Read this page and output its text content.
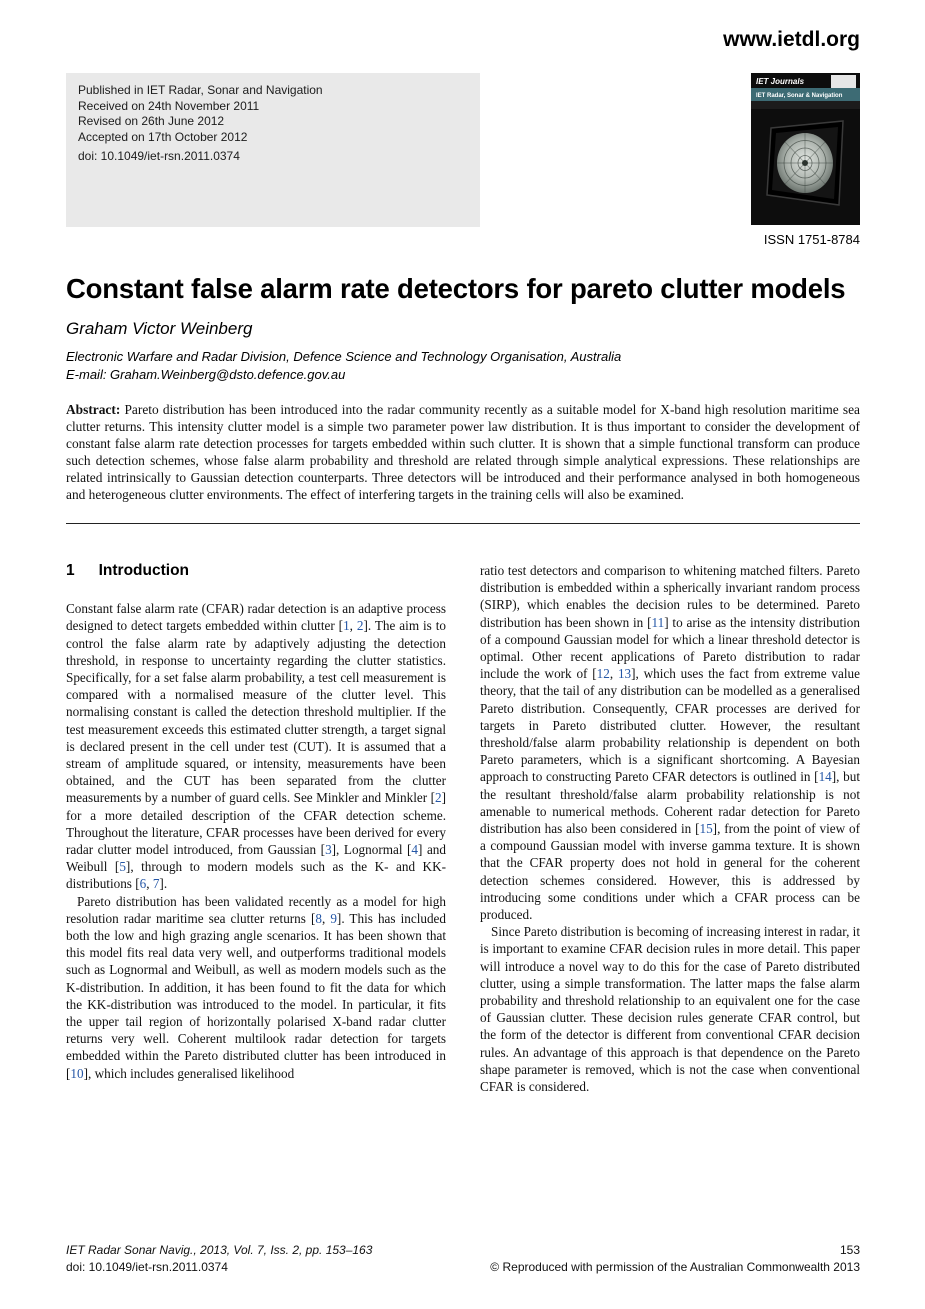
www.ietdl.org
Published in IET Radar, Sonar and Navigation
Received on 24th November 2011
Revised on 26th June 2012
Accepted on 17th October 2012
doi: 10.1049/iet-rsn.2011.0374
IET Journals
IET Radar, Sonar & Navigation
ISSN 1751-8784
Constant false alarm rate detectors for pareto clutter models
Graham Victor Weinberg
Electronic Warfare and Radar Division, Defence Science and Technology Organisation, Australia
E-mail: Graham.Weinberg@dsto.defence.gov.au

Abstract: Pareto distribution has been introduced into the radar community recently as a suitable model for X-band high resolution maritime sea clutter returns. This intensity clutter model is a simple two parameter power law distribution. It is thus important to consider the development of constant false alarm rate detection processes for targets embedded within such clutter. It is shown that a simple functional transform can produce such detection schemes, whose false alarm probability and threshold are related through simple analytical expressions. These relationships are related intrinsically to Gaussian detection counterparts. Three detectors will be introduced and their performance analysed in both homogeneous and heterogeneous clutter environments. The effect of interfering targets in the training cells will also be examined.

1 Introduction

Constant false alarm rate (CFAR) radar detection is an adaptive process designed to detect targets embedded within clutter [1, 2]. The aim is to control the false alarm rate by adaptively adjusting the detection threshold, in response to uncertainty regarding the clutter statistics. Specifically, for a set false alarm probability, a test cell measurement is compared with a normalised measure of the clutter level. This normalising constant is called the detection threshold multiplier. If the test measurement exceeds this estimated clutter strength, a target signal is declared present in the cell under test (CUT). It is assumed that a stream of amplitude squared, or intensity, measurements have been obtained, and the CUT has been separated from the clutter measurements by a number of guard cells. See Minkler and Minkler [2] for a more detailed description of the CFAR detection scheme. Throughout the literature, CFAR processes have been derived for every radar clutter model introduced, from Gaussian [3], Lognormal [4] and Weibull [5], through to modern models such as the K- and KK-distributions [6, 7].

Pareto distribution has been validated recently as a model for high resolution radar maritime sea clutter returns [8, 9]. This has included both the low and high grazing angle scenarios. It has been shown that this model fits real data very well, and outperforms traditional models such as Lognormal and Weibull, as well as modern models such as the K-distribution. In addition, it has been found to fit the data for which the KK-distribution was introduced to the model. In particular, it fits the upper tail region of horizontally polarised X-band radar clutter returns very well. Coherent multilook radar detection for targets embedded within the Pareto distributed clutter has been introduced in [10], which includes generalised likelihood

ratio test detectors and comparison to whitening matched filters. Pareto distribution is embedded within a spherically invariant random process (SIRP), which enables the decision rules to be determined. Pareto distribution has been shown in [11] to arise as the intensity distribution of a compound Gaussian model for which a linear threshold detector is optimal. Other recent applications of Pareto distribution to radar include the work of [12, 13], which uses the fact from extreme value theory, that the tail of any distribution can be modelled as a generalised Pareto distribution. Consequently, CFAR processes are derived for targets in Pareto distributed clutter. However, the resultant threshold/false alarm probability relationship is dependent on both Pareto parameters, which is a significant shortcoming. A Bayesian approach to constructing Pareto CFAR detectors is outlined in [14], but the resultant threshold/false alarm probability relationship is not amenable to numerical methods. Coherent radar detection for Pareto distribution has also been considered in [15], from the point of view of a compound Gaussian model with inverse gamma texture. It is shown that the CFAR property does not hold in general for the coherent detection schemes considered. However, this is addressed by introducing some conditions under which a CFAR process can be produced.

Since Pareto distribution is becoming of increasing interest in radar, it is important to examine CFAR decision rules in more detail. This paper will introduce a novel way to do this for the case of Pareto distributed clutter, using a simple transformation. The latter maps the false alarm probability and threshold relationship to an equivalent one for the case of Gaussian clutter. These decision rules generate CFAR control, but the form of the detector is different from conventional CFAR decision rules. An advantage of this approach is that dependence on the Pareto shape parameter is removed, which is not the case when conventional CFAR is considered.

IET Radar Sonar Navig., 2013, Vol. 7, Iss. 2, pp. 153–163
doi: 10.1049/iet-rsn.2011.0374
153
© Reproduced with permission of the Australian Commonwealth 2013
